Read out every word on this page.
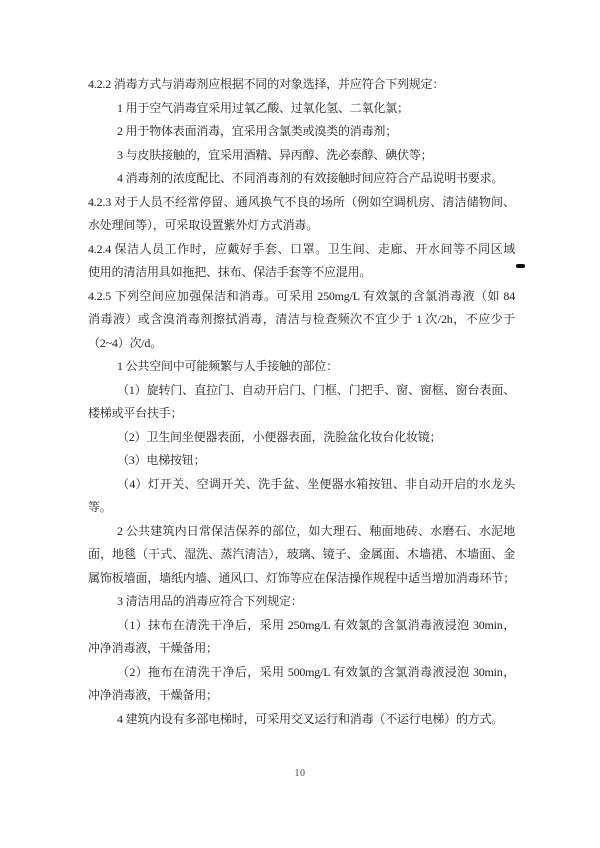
4.2.2 消毒方式与消毒剂应根据不同的对象选择，并应符合下列规定：
1 用于空气消毒宜采用过氧乙酸、过氧化氢、二氧化氯；
2 用于物体表面消毒，宜采用含氯类或溴类的消毒剂；
3 与皮肤接触的，宜采用酒精、异丙醇、洗必泰醇、碘伏等；
4 消毒剂的浓度配比、不同消毒剂的有效接触时间应符合产品说明书要求。
4.2.3 对于人员不经常停留、通风换气不良的场所（例如空调机房、清洁储物间、
水处理间等），可采取设置紫外灯方式消毒。
4.2.4 保洁人员工作时，应戴好手套、口罩。卫生间、走廊、开水间等不同区域
使用的清洁用具如拖把、抹布、保洁手套等不应混用。
4.2.5 下列空间应加强保洁和消毒。可采用 250mg/L 有效氯的含氯消毒液（如 84
消毒液）或含溴消毒剂擦拭消毒，清洁与检查频次不宜少于 1 次/2h，不应少于
（2~4）次/d。
1 公共空间中可能频繁与人手接触的部位：
（1）旋转门、直拉门、自动开启门、门框、门把手、窗、窗框、窗台表面、
楼梯或平台扶手；
（2）卫生间坐便器表面，小便器表面，洗脸盆化妆台化妆镜；
（3）电梯按钮；
（4）灯开关、空调开关、洗手盆、坐便器水箱按钮、非自动开启的水龙头
等。
2 公共建筑内日常保洁保养的部位，如大理石、釉面地砖、水磨石、水泥地
面，地毯（干式、湿洗、蒸汽清洁），玻璃、镜子、金属面、木墙裙、木墙面、金
属饰板墙面，墙纸内墙、通风口、灯饰等应在保洁操作规程中适当增加消毒环节；
3 清洁用品的消毒应符合下列规定：
（1）抹布在清洗干净后，采用 250mg/L 有效氯的含氯消毒液浸泡 30min，
冲净消毒液，干燥备用；
（2）拖布在清洗干净后，采用 500mg/L 有效氯的含氯消毒液浸泡 30min，
冲净消毒液，干燥备用；
4 建筑内设有多部电梯时，可采用交叉运行和消毒（不运行电梯）的方式。
10
